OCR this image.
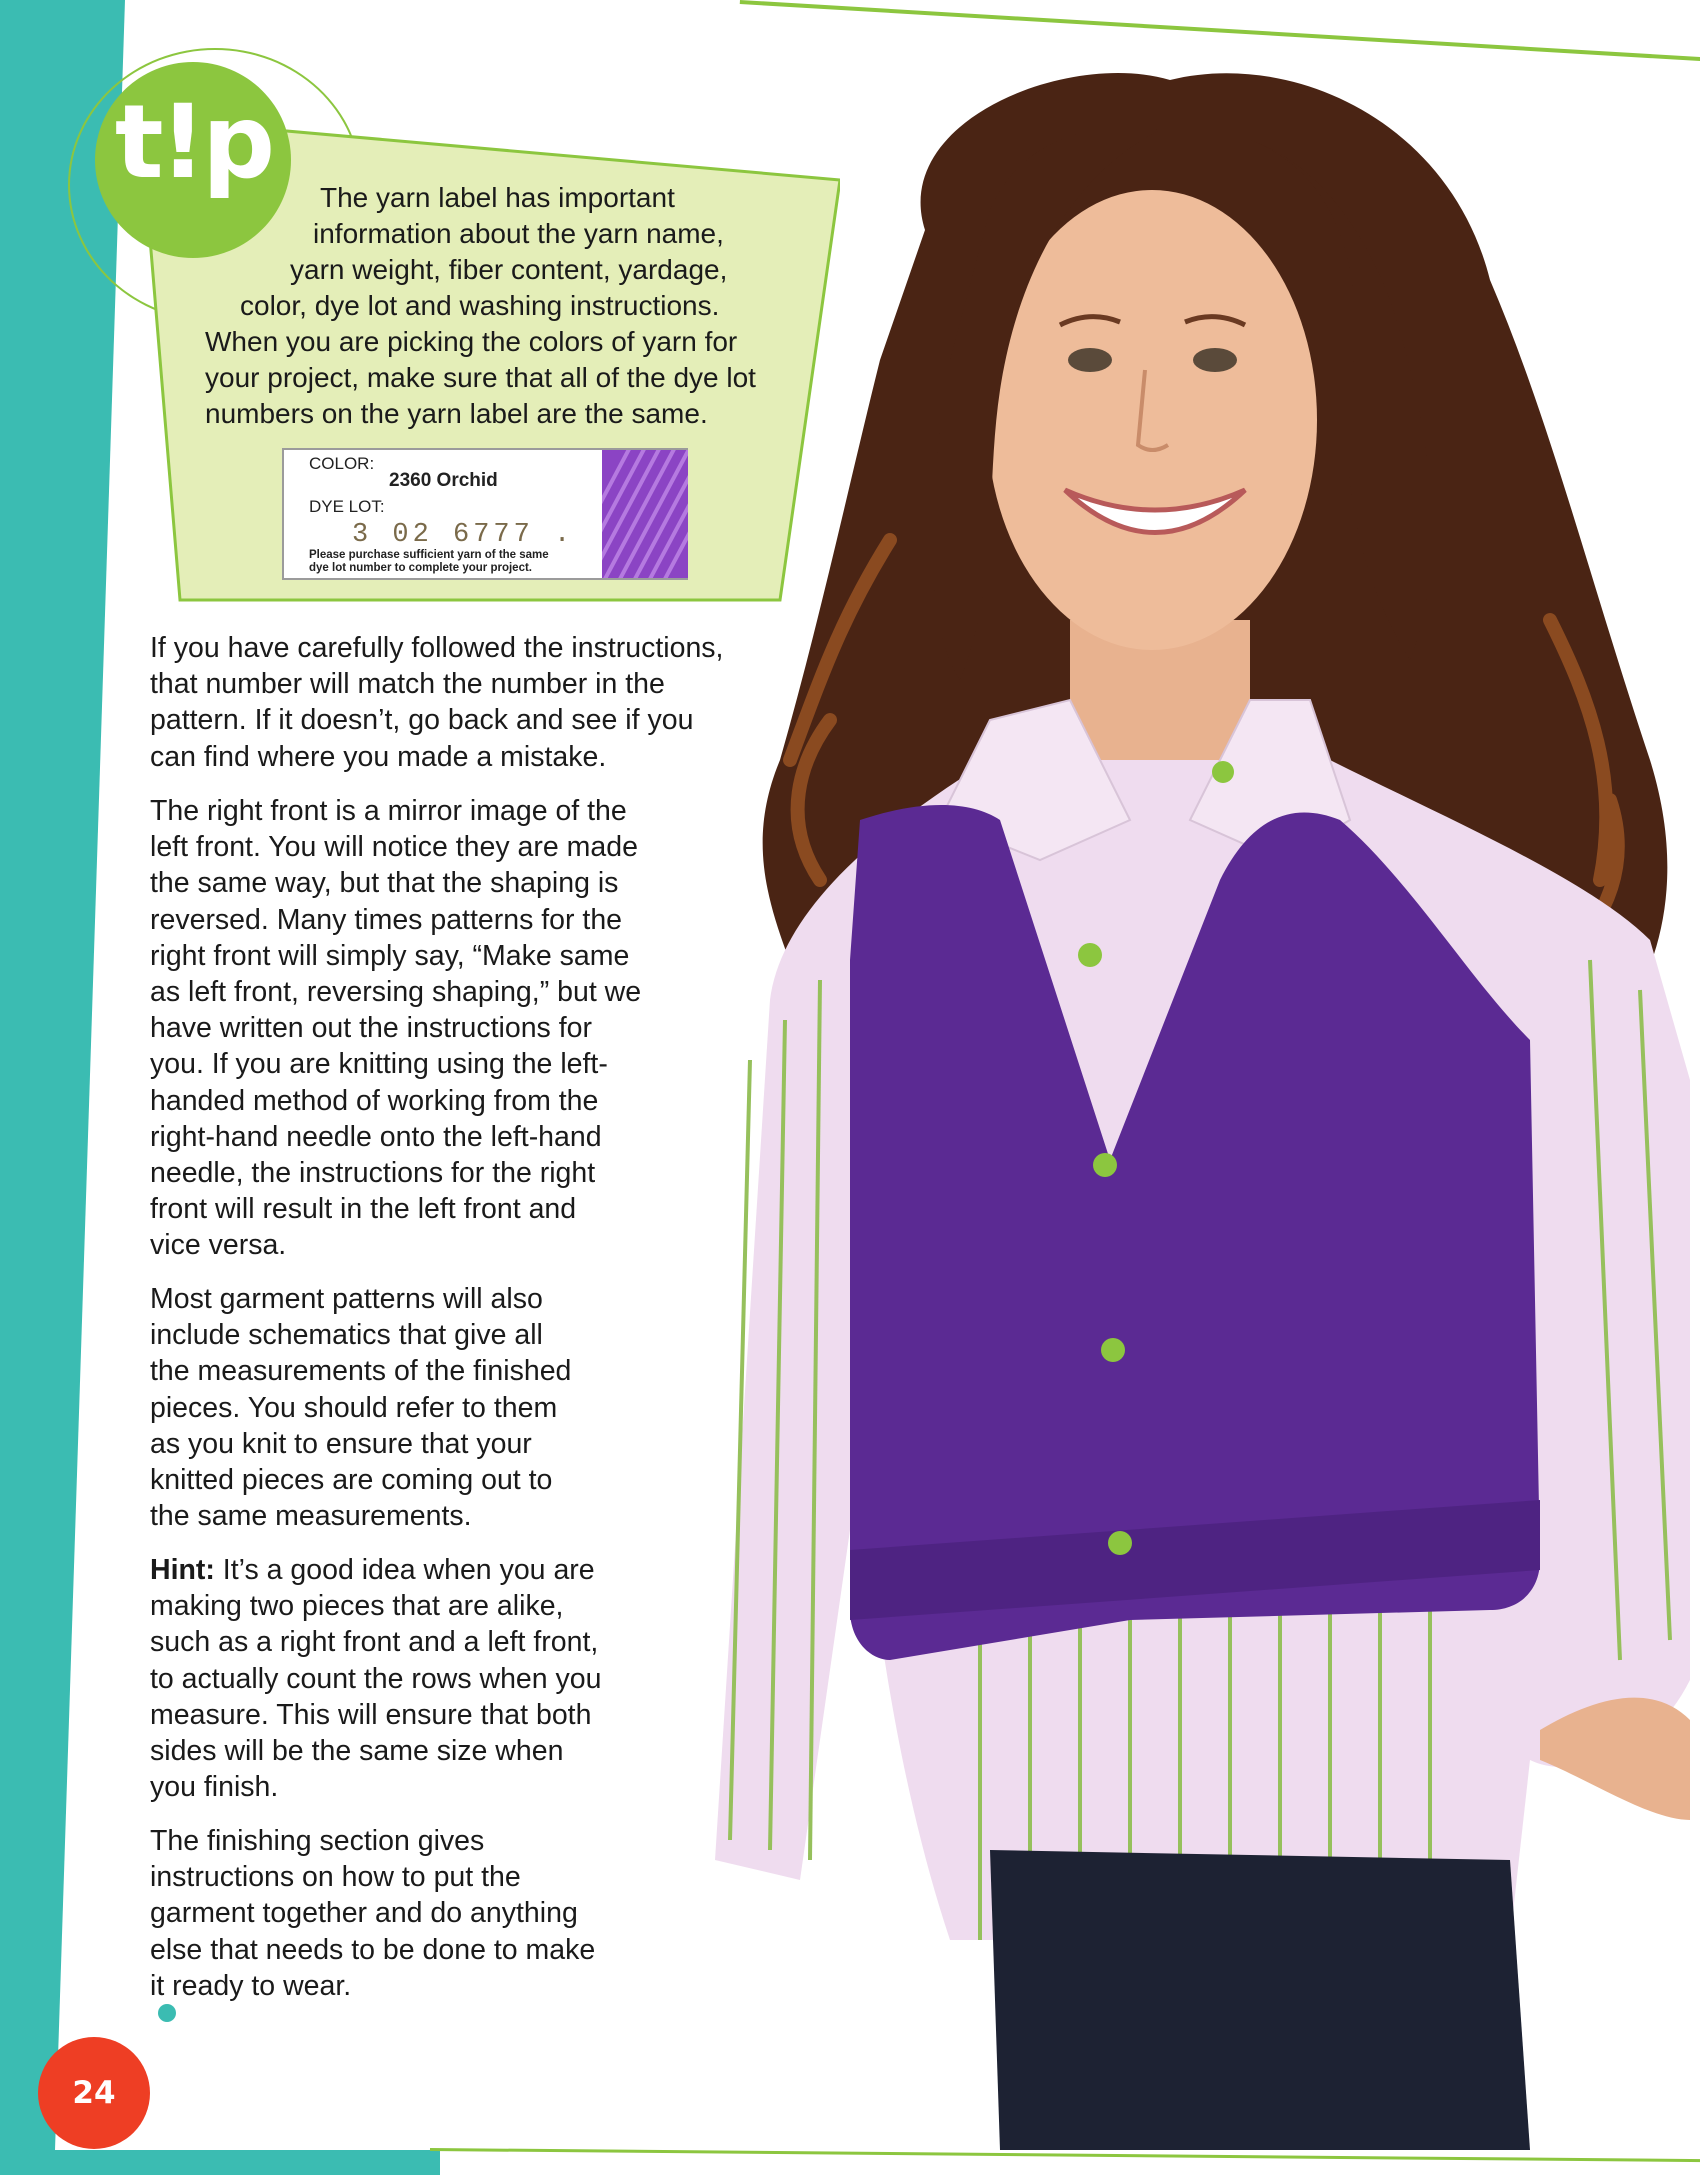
t!p	The yarn label has important
information about the yarn name,
yarn weight, fiber content, yardage,
color, dye lot and washing instructions.
When you are picking the colors of yarn for
your project, make sure that all of the dye lot
numbers on the yarn label are the same.
COLOR:
2360 Orchid
DYE LOT:
3 02 6777 .
Please purchase sufficient yarn of the same
dye lot number to complete your project.
If you have carefully followed the instructions,
that number will match the number in the
pattern. If it doesn’t, go back and see if you
can find where you made a mistake.
The right front is a mirror image of the
left front. You will notice they are made
the same way, but that the shaping is
reversed. Many times patterns for the
right front will simply say, “Make same
as left front, reversing shaping,” but we
have written out the instructions for
you. If you are knitting using the left-
handed method of working from the
right-hand needle onto the left-hand
needle, the instructions for the right
front will result in the left front and
vice versa.
Most garment patterns will also
include schematics that give all
the measurements of the finished
pieces. You should refer to them
as you knit to ensure that your
knitted pieces are coming out to
the same measurements.
Hint: It’s a good idea when you are
making two pieces that are alike,
such as a right front and a left front,
to actually count the rows when you
measure. This will ensure that both
sides will be the same size when
you finish.
The finishing section gives
instructions on how to put the
garment together and do anything
else that needs to be done to make
it ready to wear.
24
